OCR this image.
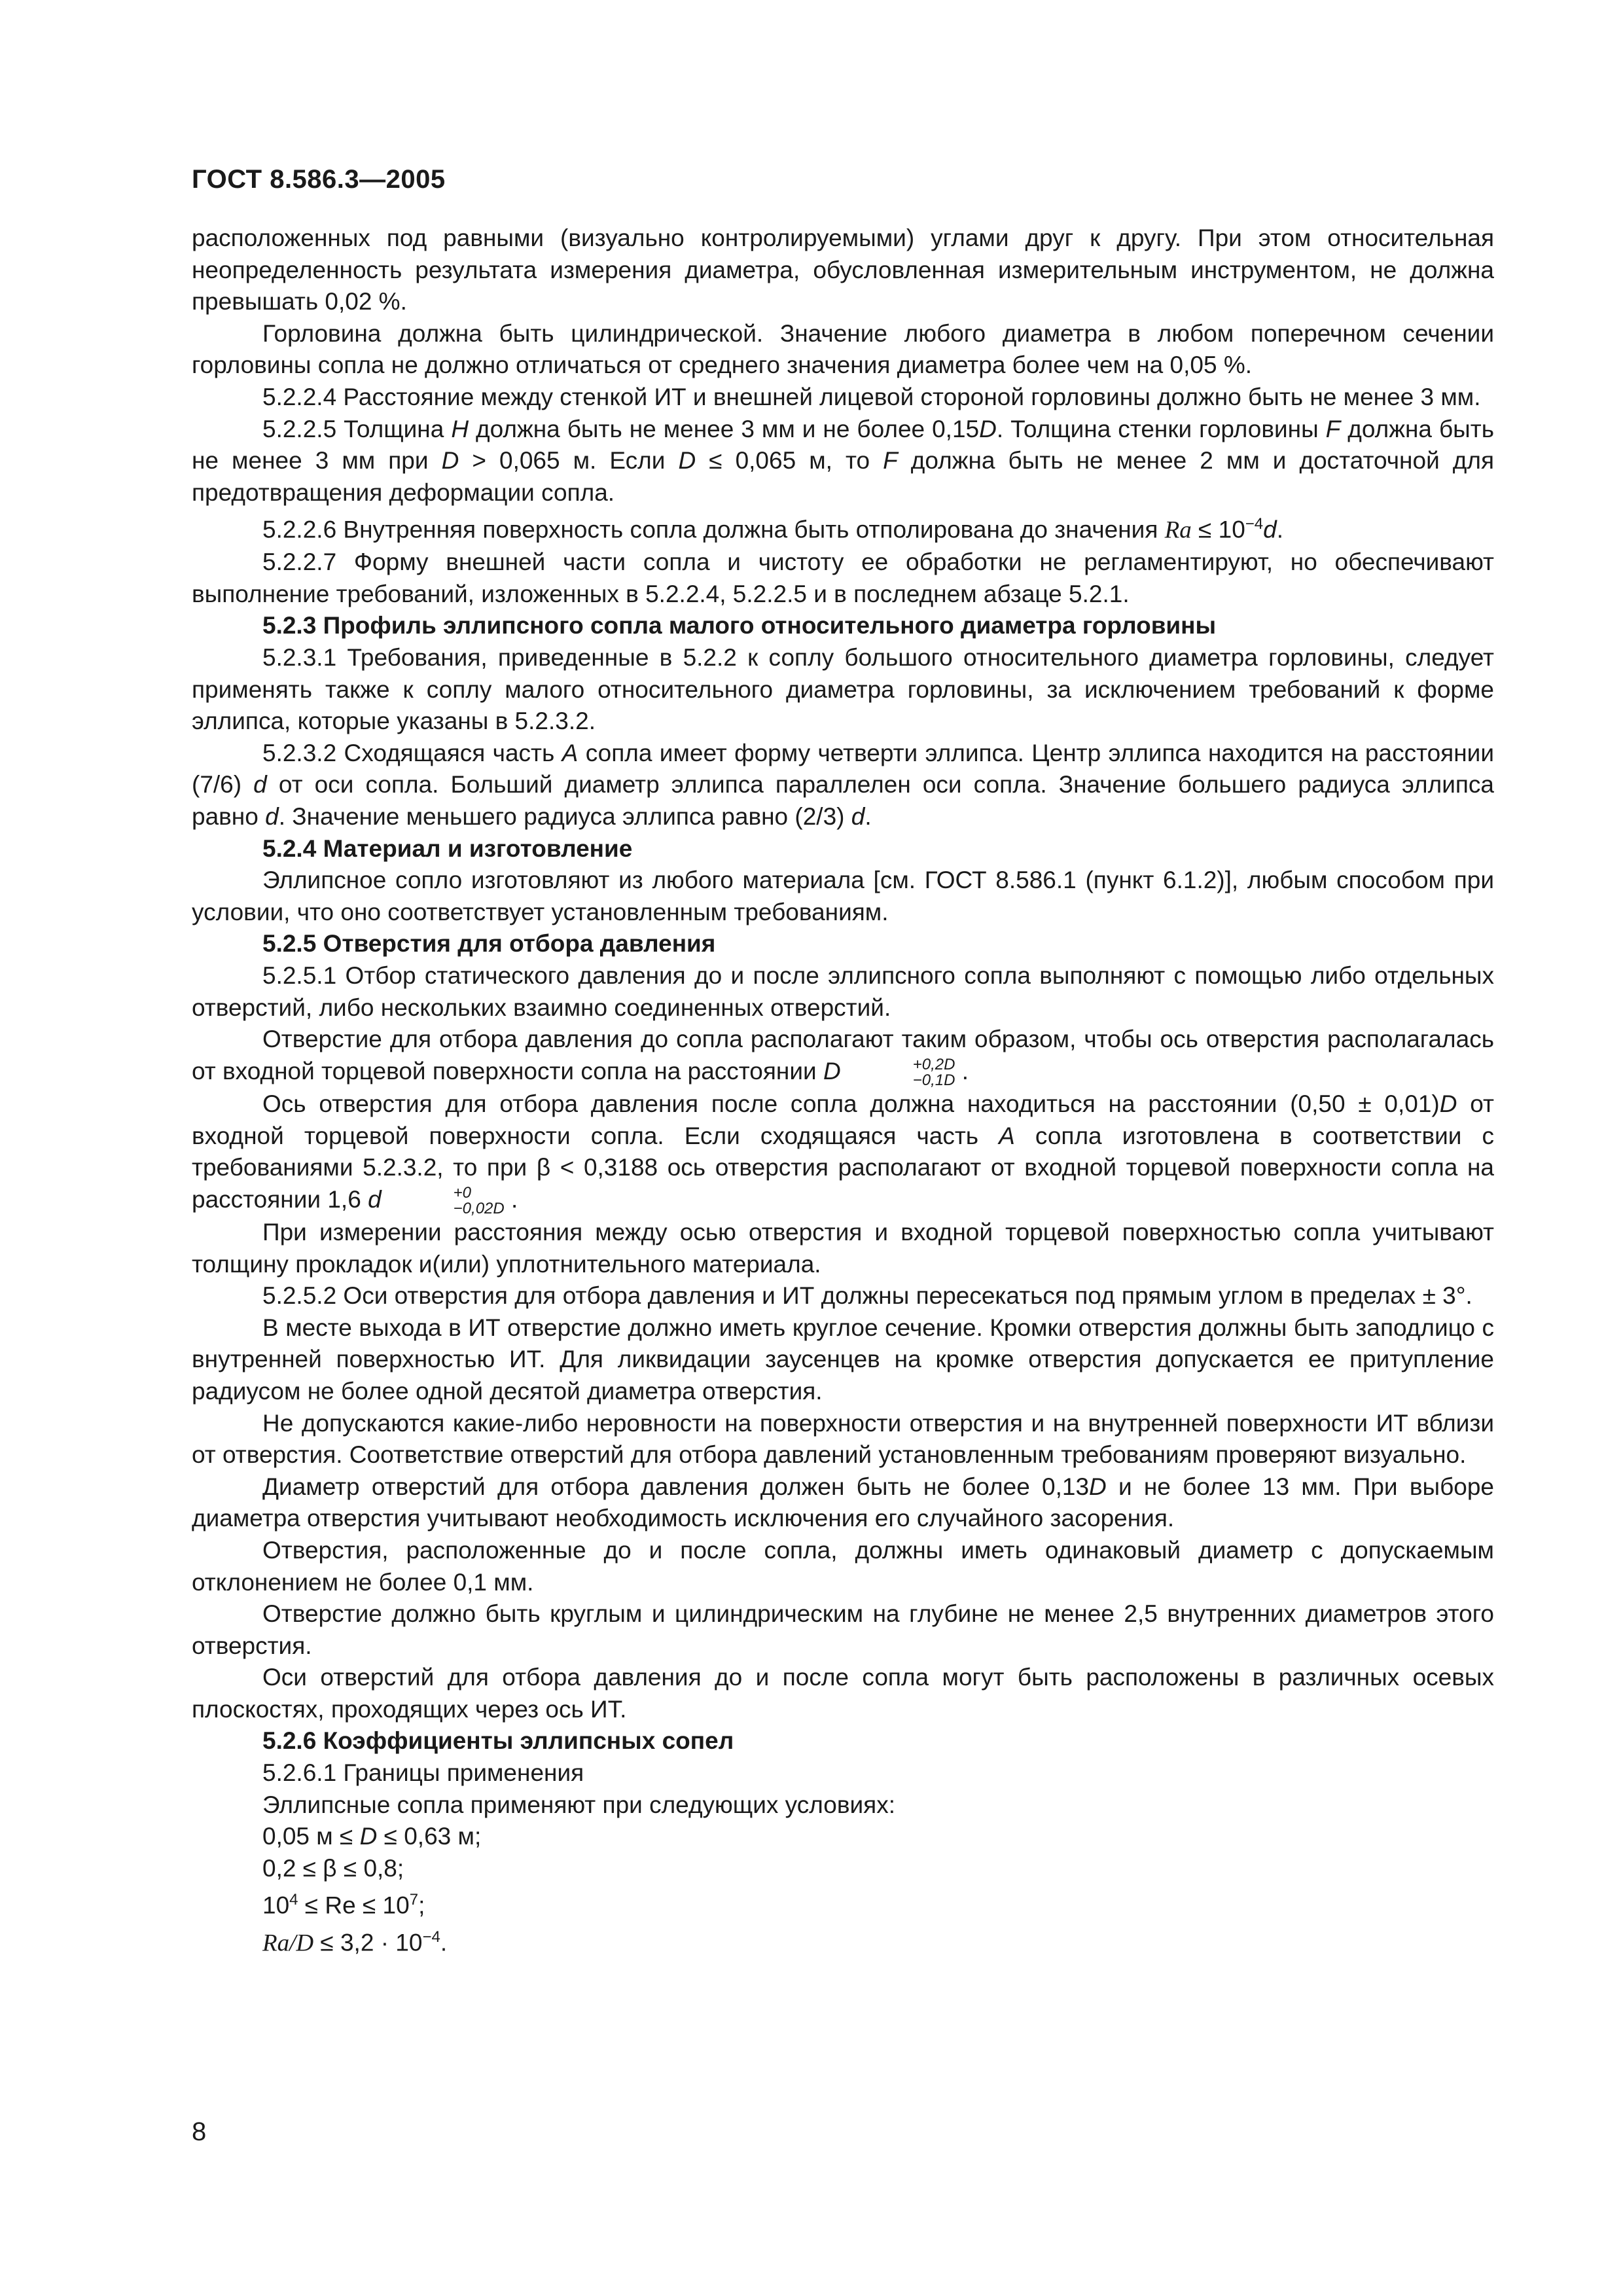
ГОСТ 8.586.3—2005

расположенных под равными (визуально контролируемыми) углами друг к другу. При этом относительная неопределенность результата измерения диаметра, обусловленная измерительным инструментом, не должна превышать 0,02 %.

Горловина должна быть цилиндрической. Значение любого диаметра в любом поперечном сечении горловины сопла не должно отличаться от среднего значения диаметра более чем на 0,05 %.

5.2.2.4 Расстояние между стенкой ИТ и внешней лицевой стороной горловины должно быть не менее 3 мм.

5.2.2.5 Толщина H должна быть не менее 3 мм и не более 0,15D. Толщина стенки горловины F должна быть не менее 3 мм при D > 0,065 м. Если D ≤ 0,065 м, то F должна быть не менее 2 мм и достаточной для предотвращения деформации сопла.

5.2.2.6 Внутренняя поверхность сопла должна быть отполирована до значения $Ra \le 10^{-4}d$.

5.2.2.7 Форму внешней части сопла и чистоту ее обработки не регламентируют, но обеспечивают выполнение требований, изложенных в 5.2.2.4, 5.2.2.5 и в последнем абзаце 5.2.1.

5.2.3 Профиль эллипсного сопла малого относительного диаметра горловины

5.2.3.1 Требования, приведенные в 5.2.2 к соплу большого относительного диаметра горловины, следует применять также к соплу малого относительного диаметра горловины, за исключением требований к форме эллипса, которые указаны в 5.2.3.2.

5.2.3.2 Сходящаяся часть A сопла имеет форму четверти эллипса. Центр эллипса находится на расстоянии (7/6) d от оси сопла. Больший диаметр эллипса параллелен оси сопла. Значение большего радиуса эллипса равно d. Значение меньшего радиуса эллипса равно (2/3) d.

5.2.4 Материал и изготовление

Эллипсное сопло изготовляют из любого материала [см. ГОСТ 8.586.1 (пункт 6.1.2)], любым способом при условии, что оно соответствует установленным требованиям.

5.2.5 Отверстия для отбора давления

5.2.5.1 Отбор статического давления до и после эллипсного сопла выполняют с помощью либо отдельных отверстий, либо нескольких взаимно соединенных отверстий.

Отверстие для отбора давления до сопла располагают таким образом, чтобы ось отверстия располагалась от входной торцевой поверхности сопла на расстоянии D	+0,2D
−0,1D .

Ось отверстия для отбора давления после сопла должна находиться на расстоянии (0,50 ± 0,01)D от входной торцевой поверхности сопла. Если сходящаяся часть A сопла изготовлена в соответствии с требованиями 5.2.3.2, то при β < 0,3188 ось отверстия располагают от входной торцевой поверхности сопла на расстоянии 1,6 d	+0
−0,02D .

При измерении расстояния между осью отверстия и входной торцевой поверхностью сопла учитывают толщину прокладок и(или) уплотнительного материала.

5.2.5.2 Оси отверстия для отбора давления и ИТ должны пересекаться под прямым углом в пределах ± 3°.

В месте выхода в ИТ отверстие должно иметь круглое сечение. Кромки отверстия должны быть заподлицо с внутренней поверхностью ИТ. Для ликвидации заусенцев на кромке отверстия допускается ее притупление радиусом не более одной десятой диаметра отверстия.

Не допускаются какие-либо неровности на поверхности отверстия и на внутренней поверхности ИТ вблизи от отверстия. Соответствие отверстий для отбора давлений установленным требованиям проверяют визуально.

Диаметр отверстий для отбора давления должен быть не более 0,13D и не более 13 мм. При выборе диаметра отверстия учитывают необходимость исключения его случайного засорения.

Отверстия, расположенные до и после сопла, должны иметь одинаковый диаметр с допускаемым отклонением не более 0,1 мм.

Отверстие должно быть круглым и цилиндрическим на глубине не менее 2,5 внутренних диаметров этого отверстия.

Оси отверстий для отбора давления до и после сопла могут быть расположены в различных осевых плоскостях, проходящих через ось ИТ.

5.2.6 Коэффициенты эллипсных сопел

5.2.6.1 Границы применения

Эллипсные сопла применяют при следующих условиях:

0,05 м ≤ D ≤ 0,63 м;

0,2 ≤ β ≤ 0,8;

$10^4 \le Re \le 10^7$;

$Ra/D \le 3,2 \cdot 10^{-4}$.

8
